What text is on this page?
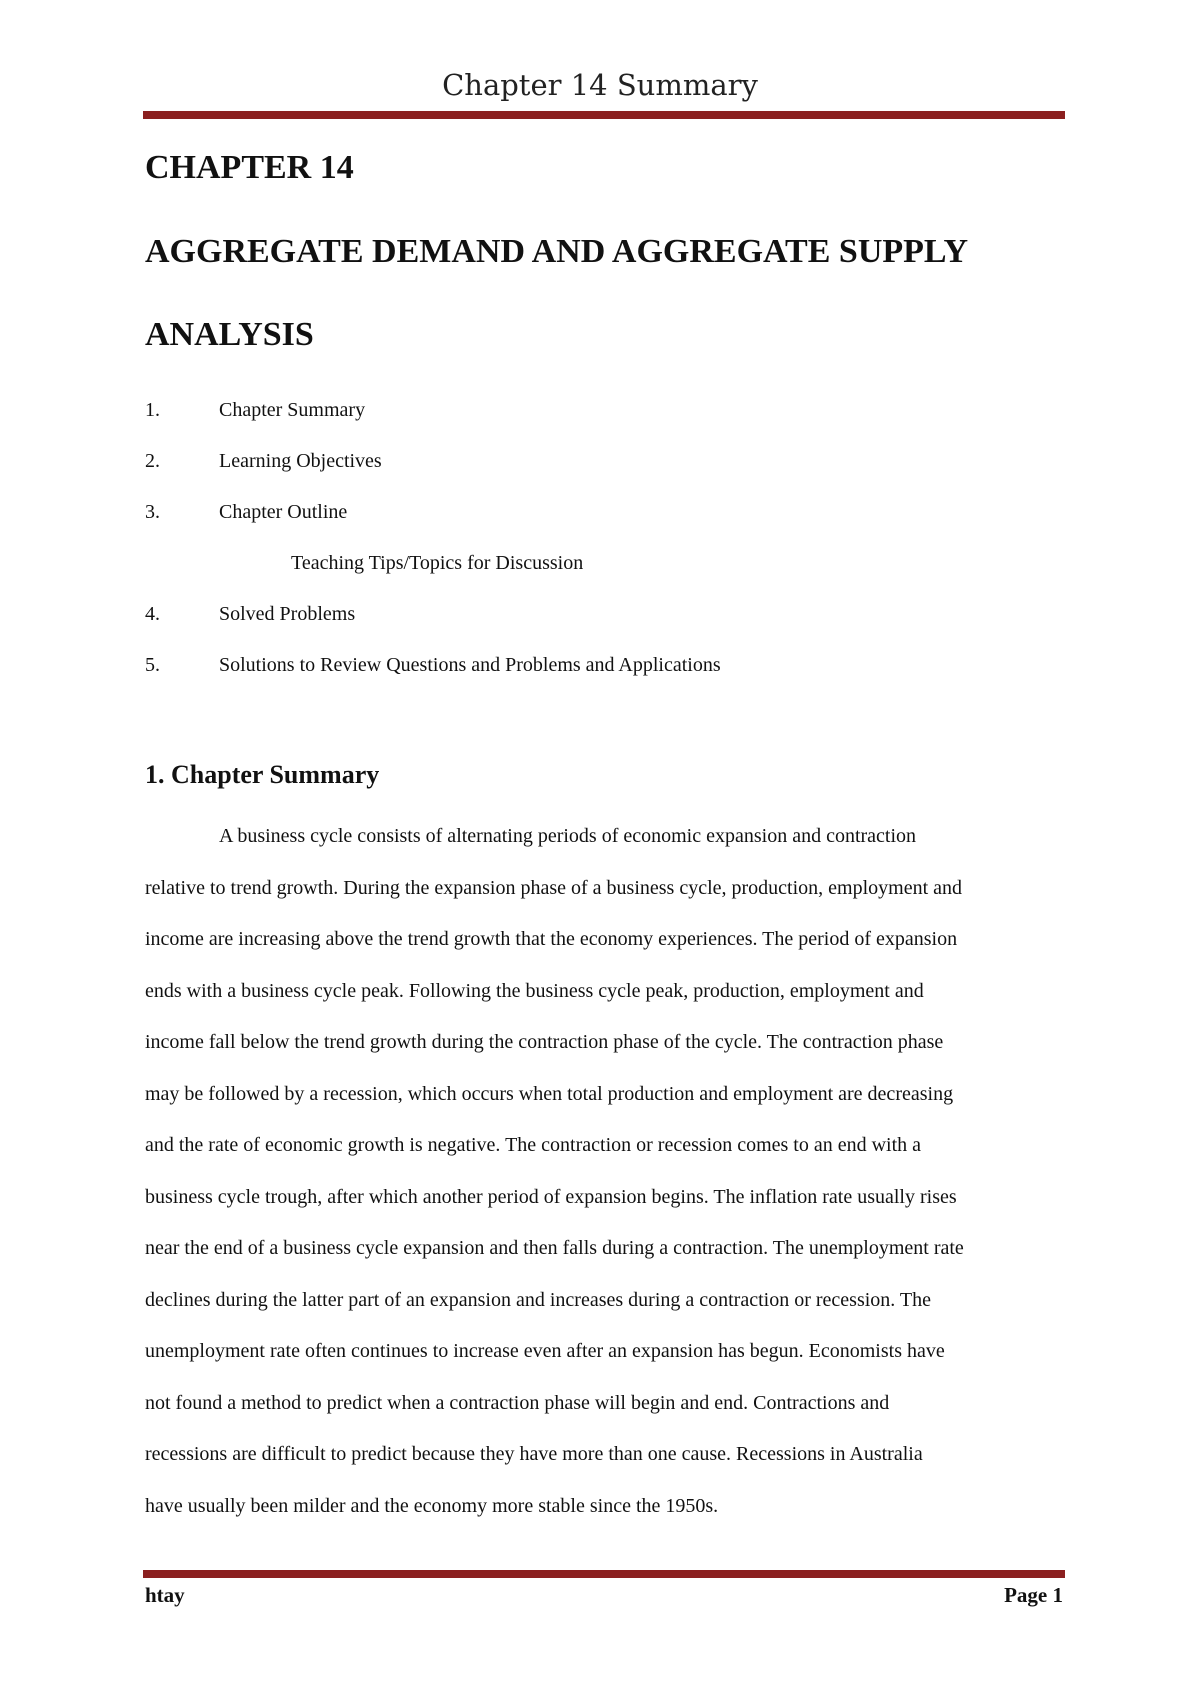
Chapter 14 Summary
CHAPTER 14
AGGREGATE DEMAND AND AGGREGATE SUPPLY
ANALYSIS
1.	Chapter Summary
2.	Learning Objectives
3.	Chapter Outline
Teaching Tips/Topics for Discussion
4.	Solved Problems
5.	Solutions to Review Questions and Problems and Applications
1. Chapter Summary
A business cycle consists of alternating periods of economic expansion and contraction
relative to trend growth. During the expansion phase of a business cycle, production, employment and
income are increasing above the trend growth that the economy experiences. The period of expansion
ends with a business cycle peak. Following the business cycle peak, production, employment and
income fall below the trend growth during the contraction phase of the cycle. The contraction phase
may be followed by a recession, which occurs when total production and employment are decreasing
and the rate of economic growth is negative. The contraction or recession comes to an end with a
business cycle trough, after which another period of expansion begins. The inflation rate usually rises
near the end of a business cycle expansion and then falls during a contraction. The unemployment rate
declines during the latter part of an expansion and increases during a contraction or recession. The
unemployment rate often continues to increase even after an expansion has begun. Economists have
not found a method to predict when a contraction phase will begin and end. Contractions and
recessions are difficult to predict because they have more than one cause. Recessions in Australia
have usually been milder and the economy more stable since the 1950s.
htay	Page 1
